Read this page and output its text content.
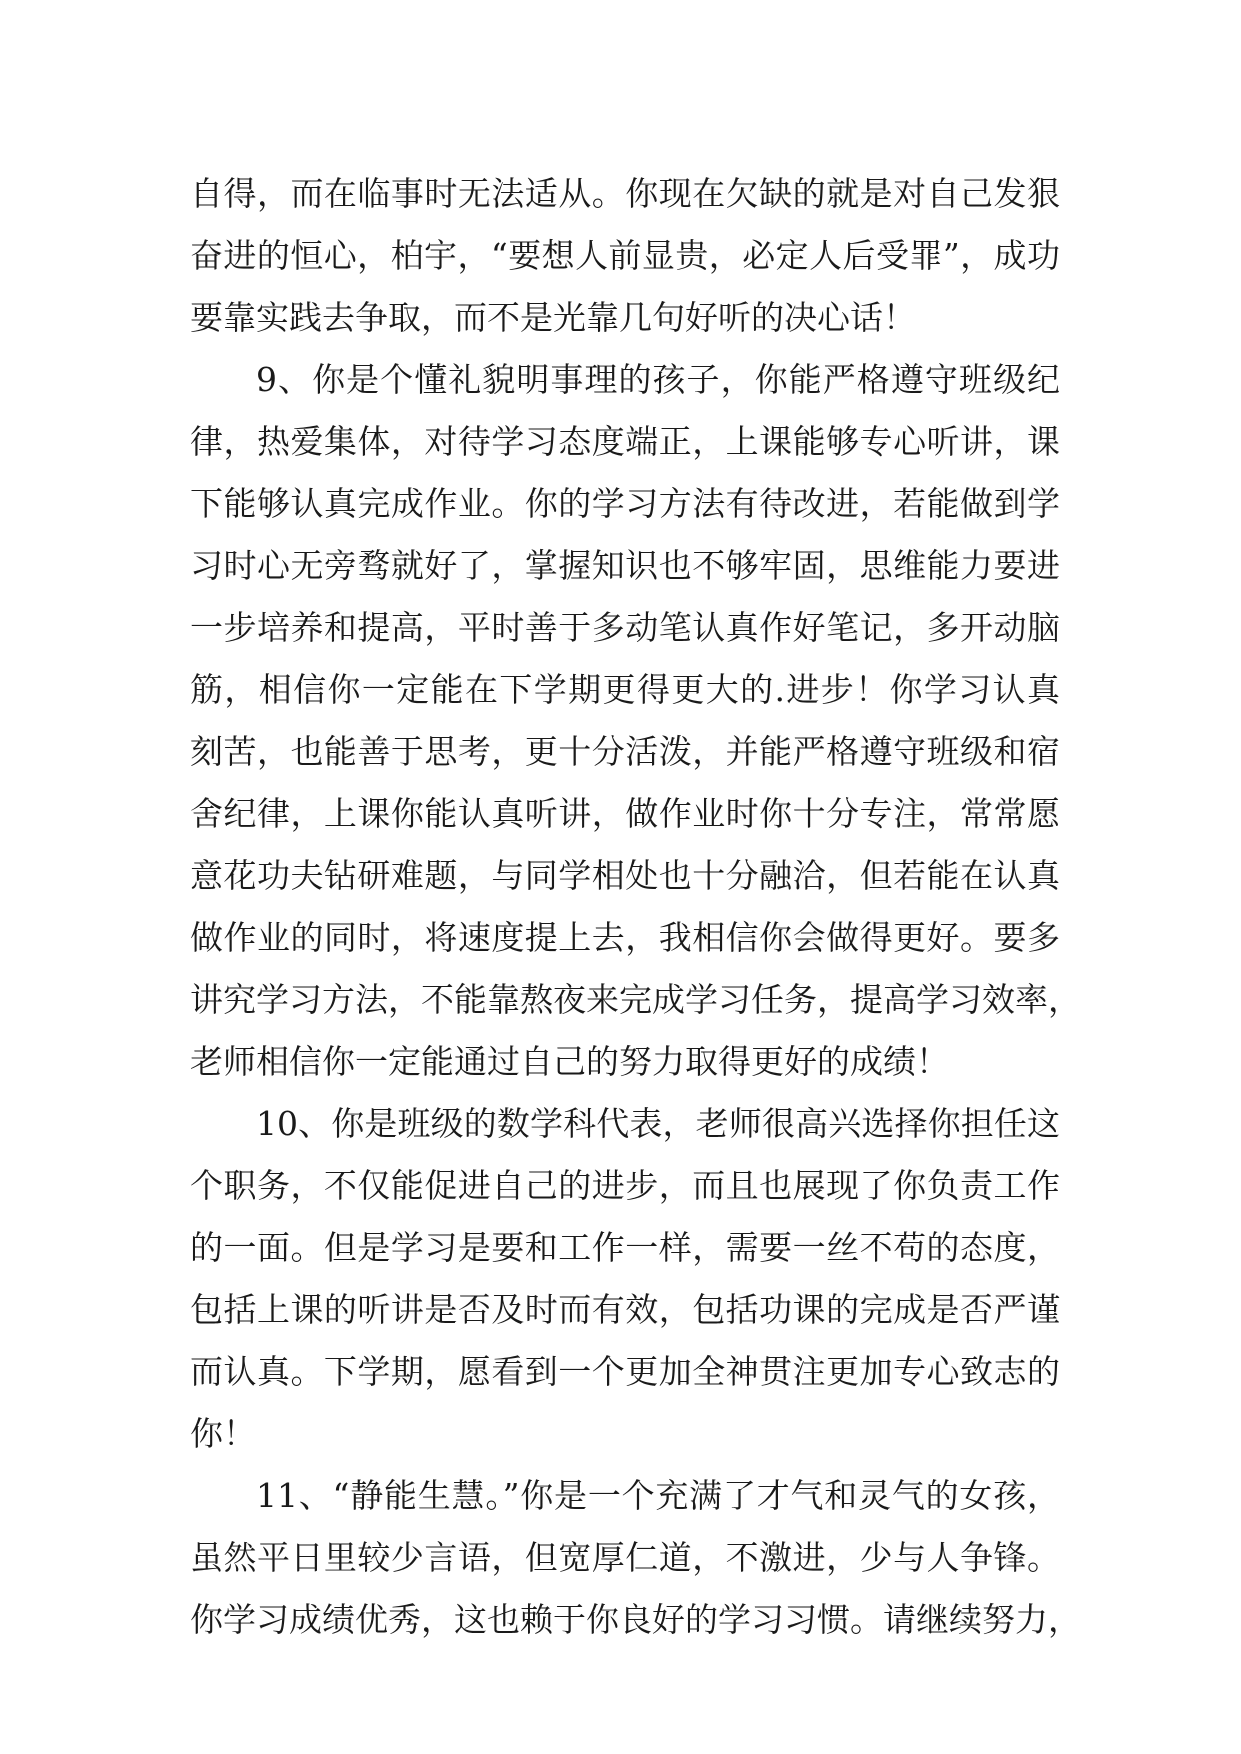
自得，而在临事时无法适从。你现在欠缺的就是对自己发狠
奋进的恒心，柏宇，“要想人前显贵，必定人后受罪”，成功
要靠实践去争取，而不是光靠几句好听的决心话！
9、你是个懂礼貌明事理的孩子，你能严格遵守班级纪
律，热爱集体，对待学习态度端正，上课能够专心听讲，课
下能够认真完成作业。你的学习方法有待改进，若能做到学
习时心无旁骛就好了，掌握知识也不够牢固，思维能力要进
一步培养和提高，平时善于多动笔认真作好笔记，多开动脑
筋，相信你一定能在下学期更得更大的.进步！你学习认真
刻苦，也能善于思考，更十分活泼，并能严格遵守班级和宿
舍纪律，上课你能认真听讲，做作业时你十分专注，常常愿
意花功夫钻研难题，与同学相处也十分融洽，但若能在认真
做作业的同时，将速度提上去，我相信你会做得更好。要多
讲究学习方法，不能靠熬夜来完成学习任务，提高学习效率，
老师相信你一定能通过自己的努力取得更好的成绩！
10、你是班级的数学科代表，老师很高兴选择你担任这
个职务，不仅能促进自己的进步，而且也展现了你负责工作
的一面。但是学习是要和工作一样，需要一丝不苟的态度，
包括上课的听讲是否及时而有效，包括功课的完成是否严谨
而认真。下学期，愿看到一个更加全神贯注更加专心致志的
你！
11、“静能生慧。”你是一个充满了才气和灵气的女孩，
虽然平日里较少言语，但宽厚仁道，不激进，少与人争锋。
你学习成绩优秀，这也赖于你良好的学习习惯。请继续努力，
